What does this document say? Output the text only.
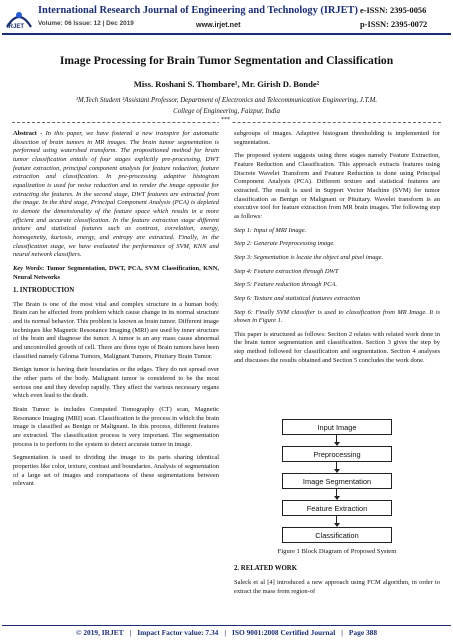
IRJET
International Research Journal of Engineering and Technology (IRJET) e-ISSN: 2395-0056
Volume: 06 Issue: 12 | Dec 2019	www.irjet.net	p-ISSN: 2395-0072
Image Processing for Brain Tumor Segmentation and Classification
Miss. Roshani S. Thombare¹, Mr. Girish D. Bonde²
¹M.Tech Student ²Assistant Professor, Department of Electronics and Telecommunication Engineering, J.T.M.
College of Engineering, Faizpur, India
***

Abstract - In this paper, we have fostered a new transpire for automatic dissection of brain tumors in MR images. The brain tumor segmentation is performed using watershed transform. The propositioned method for brain tumor classification entails of four stages explicitly pre-processing, DWT feature extraction, principal component analysis for feature reduction, feature extraction and classification. In pre-processing adaptive histogram equalization is used for noise reduction and to render the image opposite for extracting the features. In the second stage, DWT features are extracted from the image. In the third stage, Principal Component Analysis (PCA) is depleted to demote the dimensionality of the feature space which results in a more efficient and accurate classification. In the feature extraction stage different texture and statistical features such as contrast, correlation, energy, homogeneity, kurtosis, energy, and entropy are extracted. Finally, in the classification stage, we have evaluated the performance of SVM, KNN and neural network classifiers.

Key Words: Tumor Segmentation, DWT, PCA, SVM Classification, KNN, Neural Networks

1. INTRODUCTION

The Brain is one of the most vital and complex structure in a human body. Brain can be affected from problem which cause change in its normal structure and its normal behavior. This problem is known as brain tumor. Different image techniques like Magnetic Resonance Imaging (MRI) are used by inner structure of the brain and diagnose the tumor. A tumor is an any mass cause abnormal and uncontrolled growth of cell. There are three type of Brain tumors have been classified namely Giloma Tumors, Malignant Tumors, Pituitary Brain Tumor.

Benign tumor is having their boundaries or the edges. They do not spread over the other parts of the body. Malignant tumor is considered to be the most serious one and they develop rapidly. They affect the various necessary organs which even lead to the death.

Brain Tumor is includes Computed Tomography (CT) scan, Magnetic Resonance Imaging (MRI) scan. Classification is the process in which the brain image is classified as Benign or Malignant. In this process, different features are extracted. The classification process is very important. The segmentation process is to perform to the system to detect accurate tumor in image.

Segmentation is used to dividing the image to its parts sharing identical properties like color, texture, contrast and boundaries. Analysis of segmentation of a large set of images and comparisons of these segmentations between relevant

subgroups of images. Adaptive histogram thresholding is implemented for segmentation.

The proposed system suggests using three stages namely Feature Extraction, Feature Reduction and Classification. This approach extracts features using Discrete Wavelet Transform and Feature Reduction is done using Principal Component Analysis (PCA). Different texture and statistical features are extracted. The result is used in Support Vector Machine (SVM) for tumor classification as Benign or Malignant or Pituitary. Wavelet transform is an executive tool for feature extraction from MR brain images. The following step as follows:

Step 1: Input of MRI Image.

Step 2: Generate Preprocessing image.

Step 3: Segmentation is locate the object and pixel image.

Step 4: Feature extraction through DWT

Step 5: Feature reduction through PCA.

Step 6: Texture and statistical features extraction

Step 6: Finally SVM classifier is used to classification from MR Image. It is shown in Figure 1.

This paper is structured as follows: Section 2 relates with related work done in the brain tumor segmentation and classification. Section 3 gives the step by step method followed for classification and segmentation. Section 4 analyses and discusses the results obtained and Section 5 concludes the work done.

Input Image
Preprocessing
Image Segmentation
Feature Extraction
Classification
Figure 1 Block Diagram of Proposed System
2. RELATED WORK
Saleck et al [4] introduced a new approach using FCM algorithm, in order to extract the mass from region-of
© 2019, IRJET | Impact Factor value: 7.34 | ISO 9001:2008 Certified Journal | Page 388
